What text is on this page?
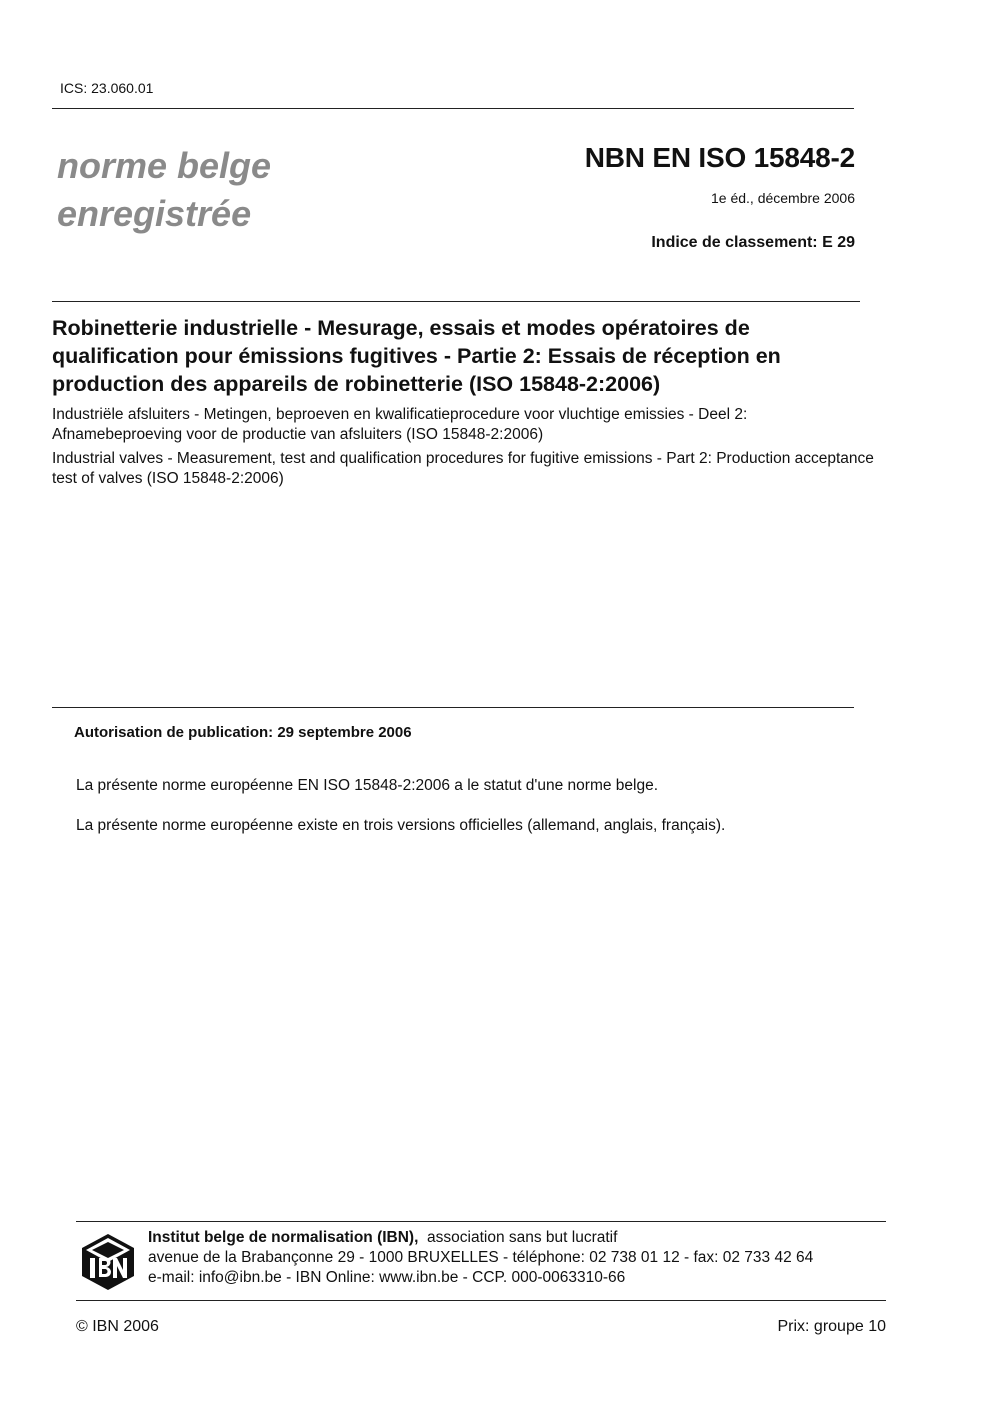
ICS: 23.060.01
norme belge
enregistrée
NBN EN ISO 15848-2
1e éd., décembre 2006
Indice de classement: E 29
Robinetterie industrielle - Mesurage, essais et modes opératoires de qualification pour émissions fugitives - Partie 2: Essais de réception en production des appareils de robinetterie (ISO 15848-2:2006)
Industriële afsluiters - Metingen, beproeven en kwalificatieprocedure voor vluchtige emissies - Deel 2: Afnamebeproeving voor de productie van afsluiters (ISO 15848-2:2006)
Industrial valves - Measurement, test and qualification procedures for fugitive emissions - Part 2: Production acceptance test of valves (ISO 15848-2:2006)
Autorisation de publication: 29 septembre 2006
La présente norme européenne EN ISO 15848-2:2006 a le statut d'une norme belge.
La présente norme européenne existe en trois versions officielles (allemand, anglais, français).
Institut belge de normalisation (IBN), association sans but lucratif
avenue de la Brabançonne 29 - 1000 BRUXELLES - téléphone: 02 738 01 12 - fax: 02 733 42 64
e-mail: info@ibn.be - IBN Online: www.ibn.be - CCP. 000-0063310-66
© IBN 2006	Prix: groupe 10
